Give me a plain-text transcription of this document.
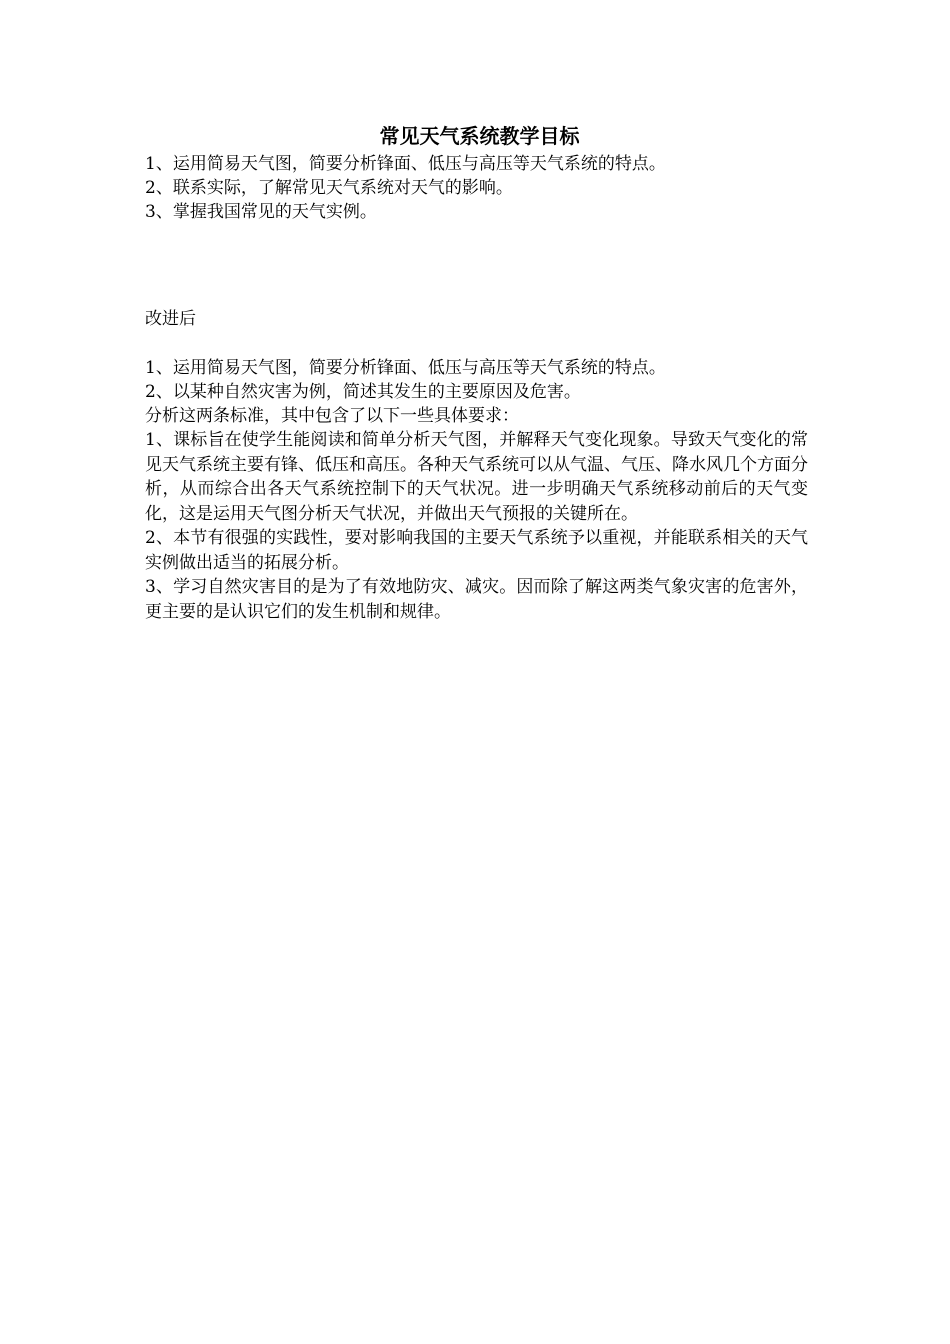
常见天气系统教学目标

1、运用简易天气图，简要分析锋面、低压与高压等天气系统的特点。

2、联系实际，了解常见天气系统对天气的影响。

3、掌握我国常见的天气实例。

改进后

1、运用简易天气图，简要分析锋面、低压与高压等天气系统的特点。

2、以某种自然灾害为例，简述其发生的主要原因及危害。

分析这两条标准，其中包含了以下一些具体要求：

1、课标旨在使学生能阅读和简单分析天气图，并解释天气变化现象。导致天气变化的常见天气系统主要有锋、低压和高压。各种天气系统可以从气温、气压、降水风几个方面分析，从而综合出各天气系统控制下的天气状况。进一步明确天气系统移动前后的天气变化，这是运用天气图分析天气状况，并做出天气预报的关键所在。

2、本节有很强的实践性，要对影响我国的主要天气系统予以重视，并能联系相关的天气实例做出适当的拓展分析。

3、学习自然灾害目的是为了有效地防灾、减灾。因而除了解这两类气象灾害的危害外，更主要的是认识它们的发生机制和规律。
